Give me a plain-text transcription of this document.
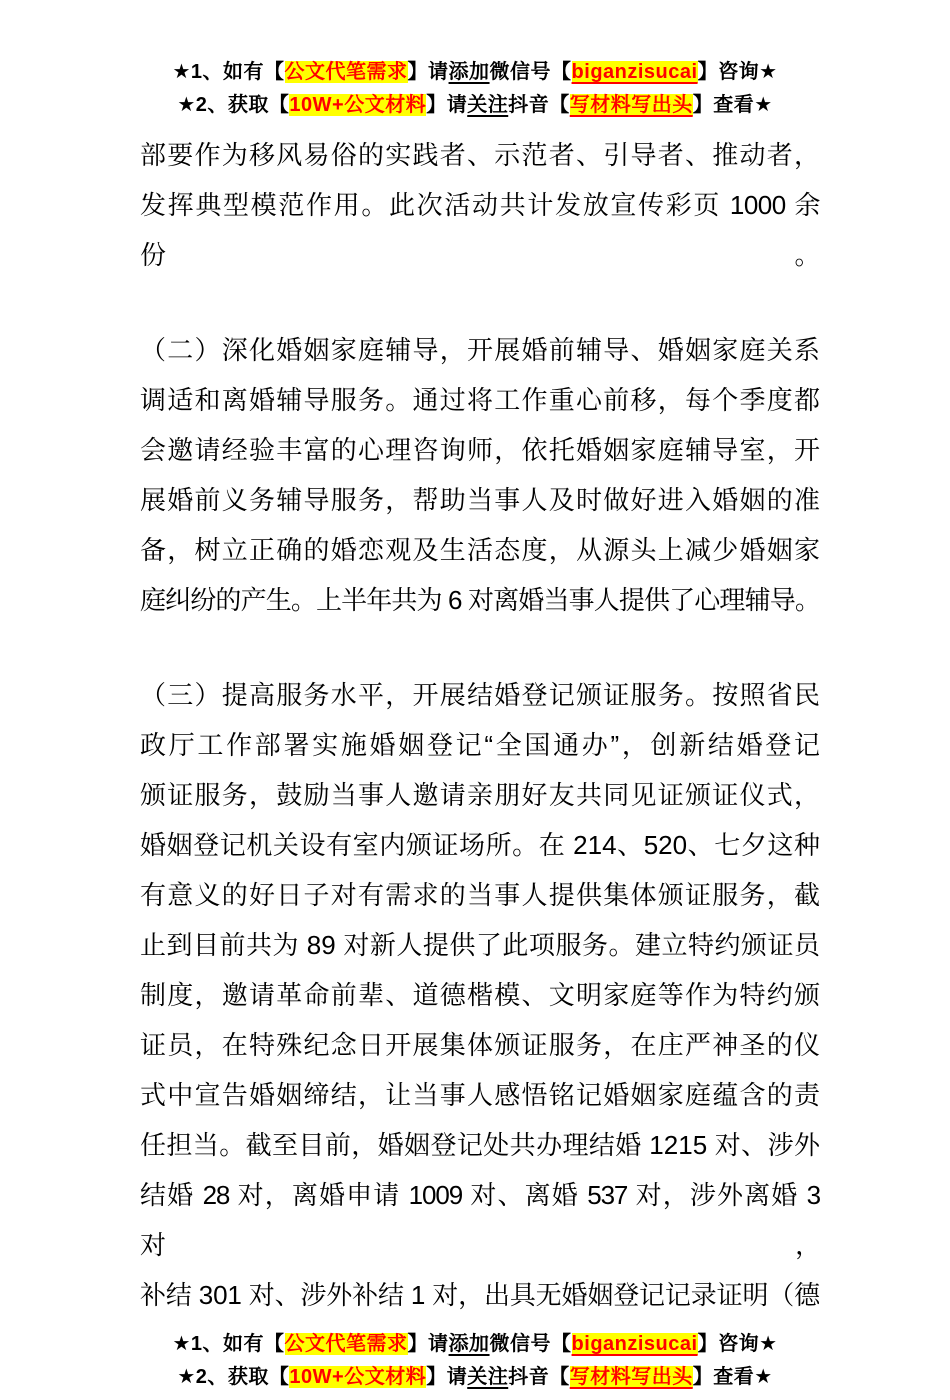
★1、如有【公文代笔需求】请添加微信号【biganzisucai】咨询★
★2、获取【10W+公文材料】请关注抖音【写材料写出头】查看★
部要作为移风易俗的实践者、示范者、引导者、推动者，
发挥典型模范作用。此次活动共计发放宣传彩页 1000 余份。
（二）深化婚姻家庭辅导，开展婚前辅导、婚姻家庭关系
调适和离婚辅导服务。通过将工作重心前移，每个季度都
会邀请经验丰富的心理咨询师，依托婚姻家庭辅导室，开
展婚前义务辅导服务，帮助当事人及时做好进入婚姻的准
备，树立正确的婚恋观及生活态度，从源头上减少婚姻家
庭纠纷的产生。上半年共为 6 对离婚当事人提供了心理辅导。
（三）提高服务水平，开展结婚登记颁证服务。按照省民
政厅工作部署实施婚姻登记“全国通办”，创新结婚登记
颁证服务，鼓励当事人邀请亲朋好友共同见证颁证仪式，
婚姻登记机关设有室内颁证场所。在 214、520、七夕这种
有意义的好日子对有需求的当事人提供集体颁证服务，截
止到目前共为 89 对新人提供了此项服务。建立特约颁证员
制度，邀请革命前辈、道德楷模、文明家庭等作为特约颁
证员，在特殊纪念日开展集体颁证服务，在庄严神圣的仪
式中宣告婚姻缔结，让当事人感悟铭记婚姻家庭蕴含的责
任担当。截至目前，婚姻登记处共办理结婚 1215 对、涉外
结婚 28 对，离婚申请 1009 对、离婚 537 对，涉外离婚 3 对，
补结 301 对、涉外补结 1 对，出具无婚姻登记记录证明（德
★1、如有【公文代笔需求】请添加微信号【biganzisucai】咨询★
★2、获取【10W+公文材料】请关注抖音【写材料写出头】查看★
